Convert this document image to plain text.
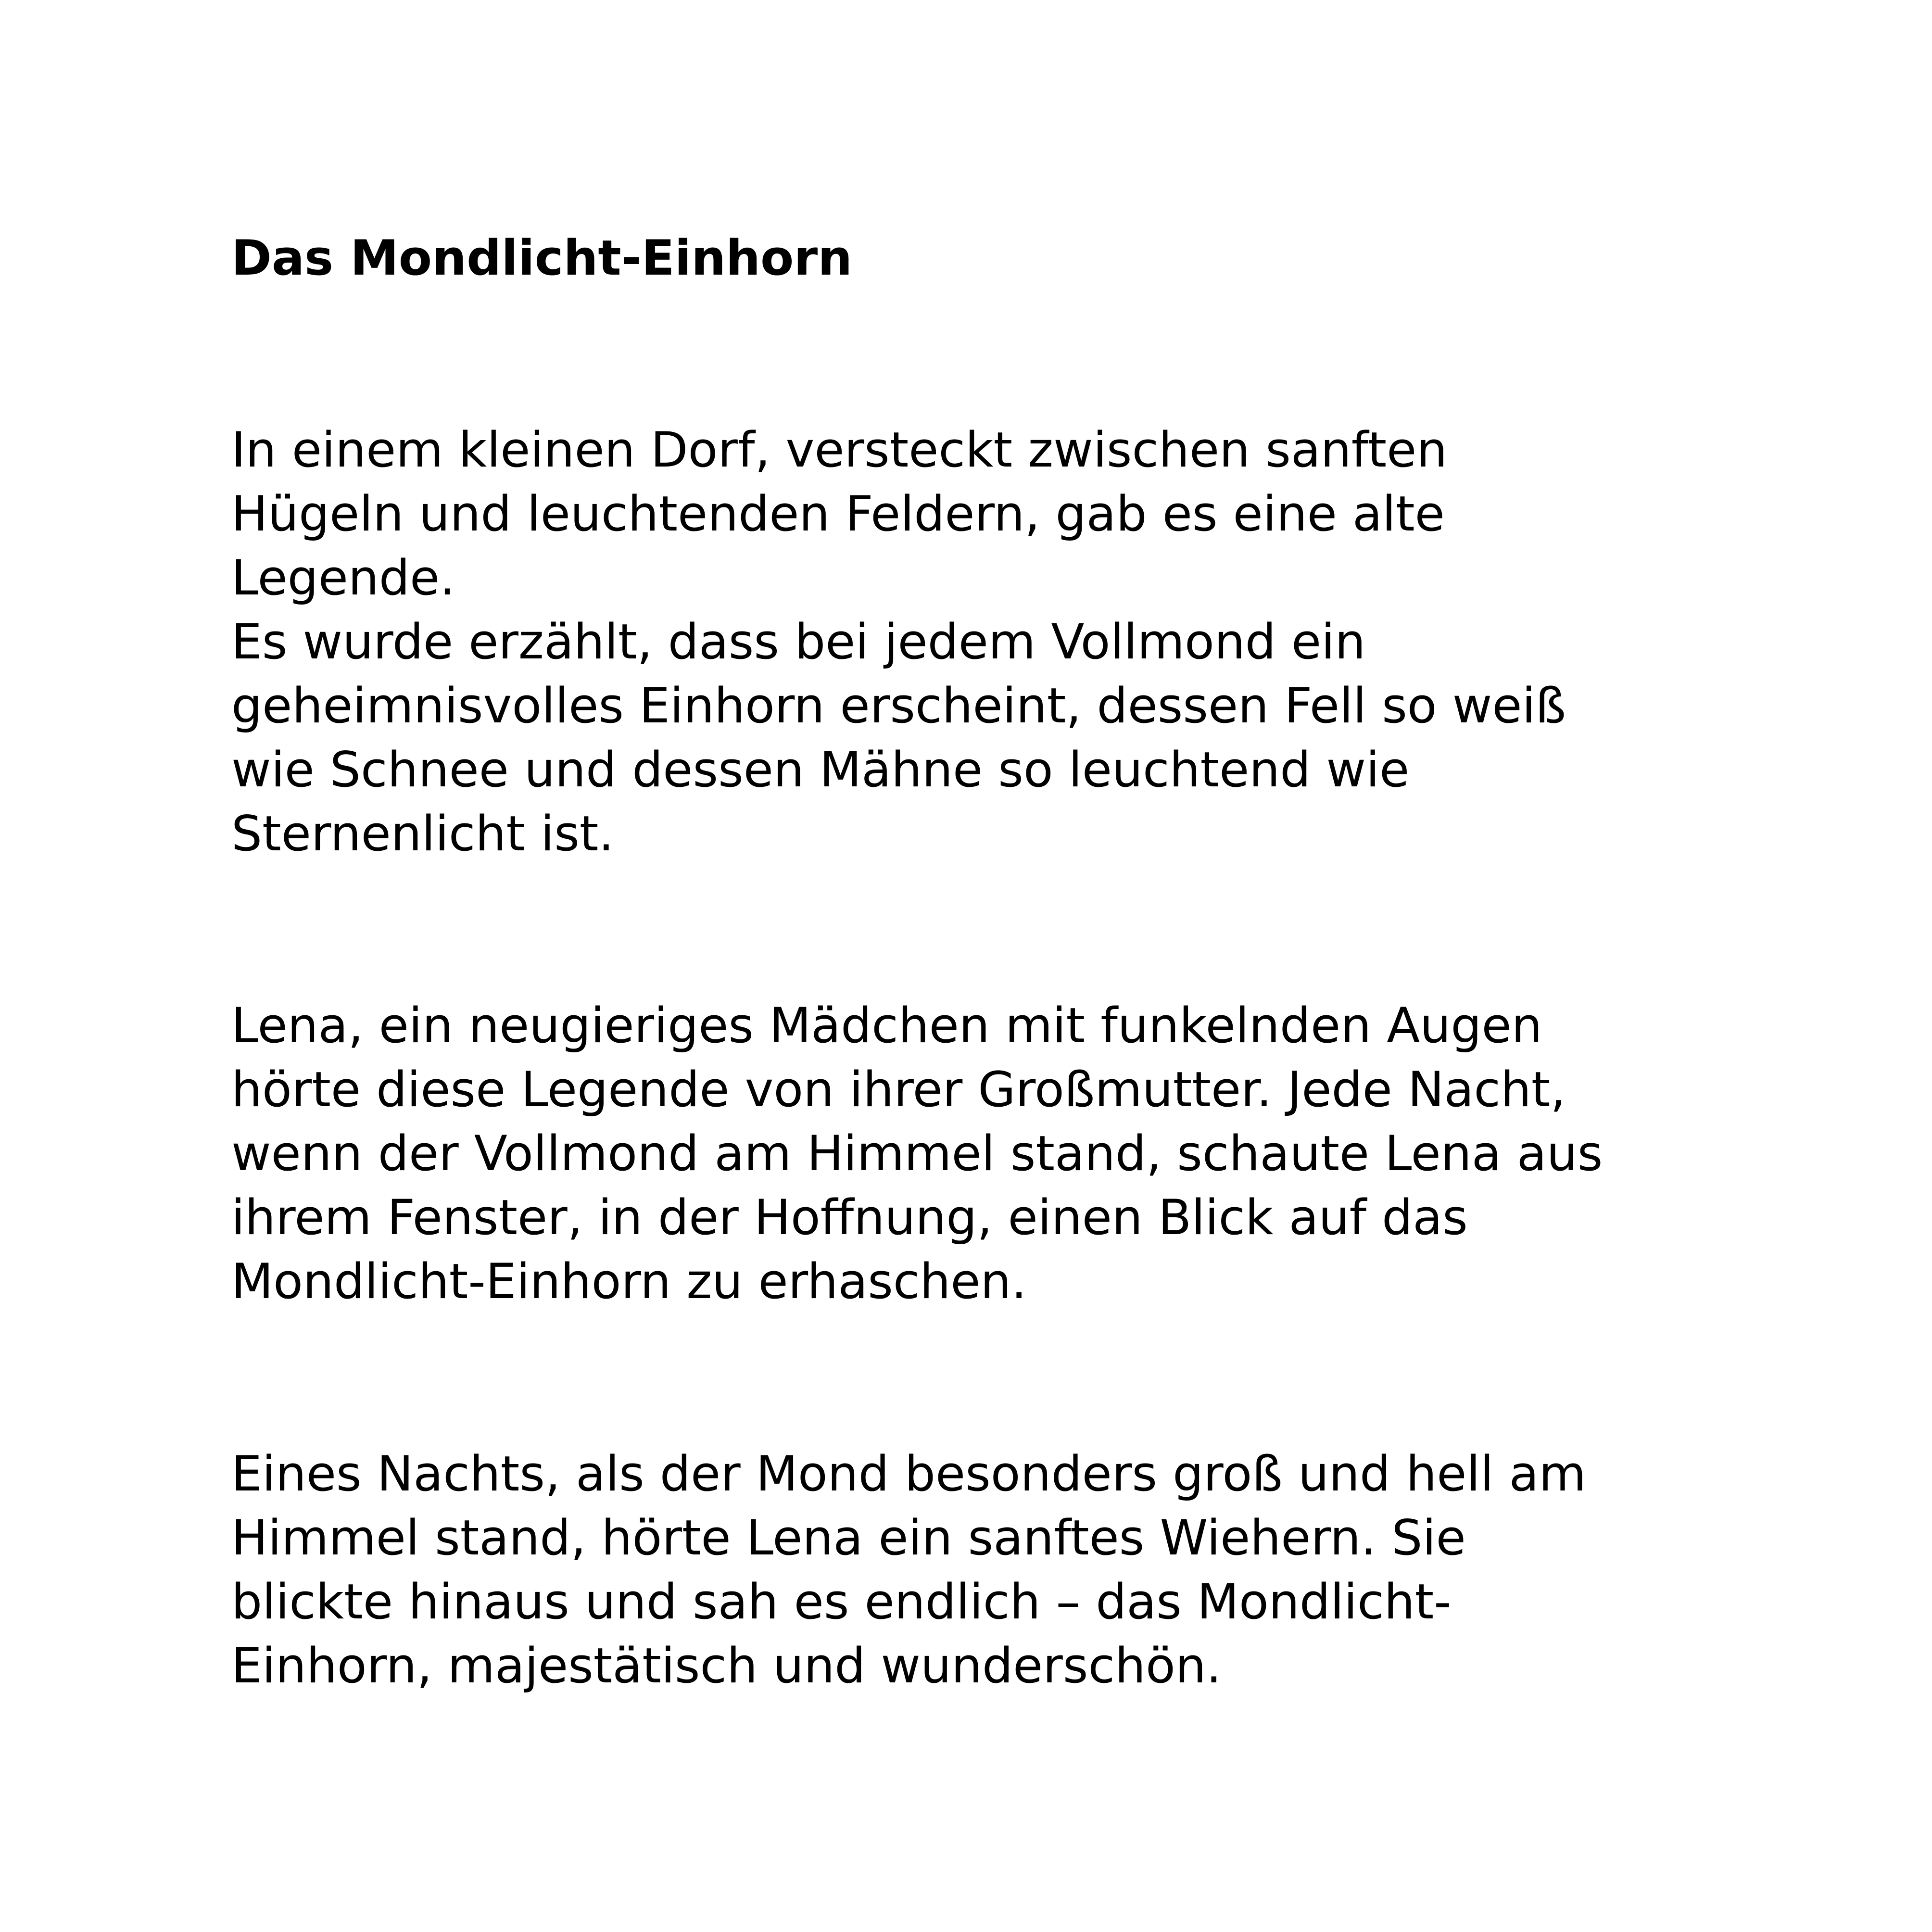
Das Mondlicht-Einhorn

In einem kleinen Dorf, versteckt zwischen sanften
Hügeln und leuchtenden Feldern, gab es eine alte
Legende.
Es wurde erzählt, dass bei jedem Vollmond ein
geheimnisvolles Einhorn erscheint, dessen Fell so weiß
wie Schnee und dessen Mähne so leuchtend wie
Sternenlicht ist.

Lena, ein neugieriges Mädchen mit funkelnden Augen
hörte diese Legende von ihrer Großmutter. Jede Nacht,
wenn der Vollmond am Himmel stand, schaute Lena aus
ihrem Fenster, in der Hoffnung, einen Blick auf das
Mondlicht-Einhorn zu erhaschen.

Eines Nachts, als der Mond besonders groß und hell am
Himmel stand, hörte Lena ein sanftes Wiehern. Sie
blickte hinaus und sah es endlich – das Mondlicht-
Einhorn, majestätisch und wunderschön.
